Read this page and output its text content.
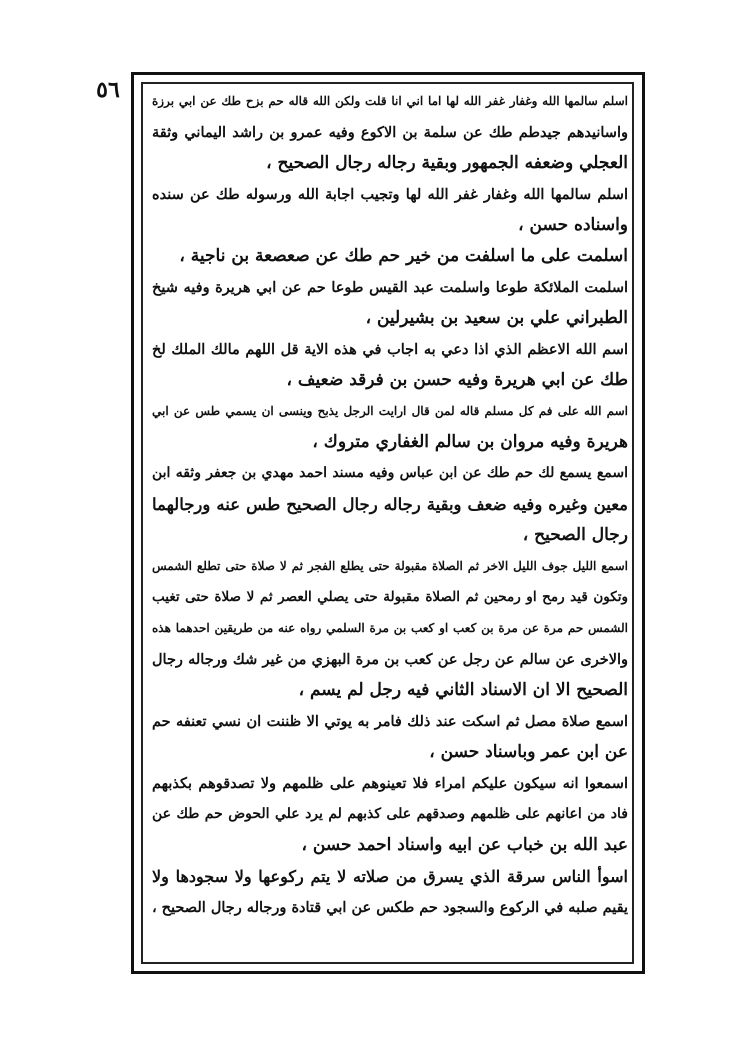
٥٦	اسلم سالمها الله وغفار غفر الله لها اما اني انا قلت ولكن الله قاله حم بزح طك عن ابي برزة
واسانيدهم جيدطم طك عن سلمة بن الاكوع وفيه عمرو بن راشد اليماني وثقة
العجلي وضعفه الجمهور وبقية رجاله رجال الصحيح ،
اسلم سالمها الله وغفار غفر الله لها وتجيب اجابة الله ورسوله طك عن سنده
واسناده حسن ،
اسلمت على ما اسلفت من خير حم طك عن صعصعة بن ناجية ،
اسلمت الملائكة طوعا واسلمت عبد القيس طوعا حم عن ابي هريرة وفيه شيخ
الطبراني علي بن سعيد بن بشيرلين ،
اسم الله الاعظم الذي اذا دعي به اجاب في هذه الاية قل اللهم مالك الملك لخ
طك عن ابي هريرة وفيه حسن بن فرقد ضعيف ،
اسم الله على فم كل مسلم قاله لمن قال ارايت الرجل يذبح وينسى ان يسمي طس عن ابي
هريرة وفيه مروان بن سالم الغفاري متروك ،
اسمع يسمع لك حم طك عن ابن عباس وفيه مسند احمد مهدي بن جعفر وثقه ابن
معين وغيره وفيه ضعف وبقية رجاله رجال الصحيح طس عنه ورجالهما
رجال الصحيح ،
اسمع الليل جوف الليل الاخر ثم الصلاة مقبولة حتى يطلع الفجر ثم لا صلاة حتى تطلع الشمس
وتكون قيد رمح او رمحين ثم الصلاة مقبولة حتى يصلي العصر ثم لا صلاة حتى تغيب
الشمس حم مرة عن مرة بن كعب او كعب بن مرة السلمي رواه عنه من طريقين احدهما هذه
والاخرى عن سالم عن رجل عن كعب بن مرة البهزي من غير شك ورجاله رجال
الصحيح الا ان الاسناد الثاني فيه رجل لم يسم ،
اسمع صلاة مصل ثم اسكت عند ذلك فامر به يوتي الا ظننت ان نسي تعنفه حم
عن ابن عمر وباسناد حسن ،
اسمعوا انه سيكون عليكم امراء فلا تعينوهم على ظلمهم ولا تصدقوهم بكذبهم
فاد من اعانهم على ظلمهم وصدقهم على كذبهم لم يرد علي الحوض حم طك عن
عبد الله بن خباب عن ابيه واسناد احمد حسن ،
اسوأ الناس سرقة الذي يسرق من صلاته لا يتم ركوعها ولا سجودها ولا
يقيم صلبه في الركوع والسجود حم طكس عن ابي قتادة ورجاله رجال الصحيح ،
